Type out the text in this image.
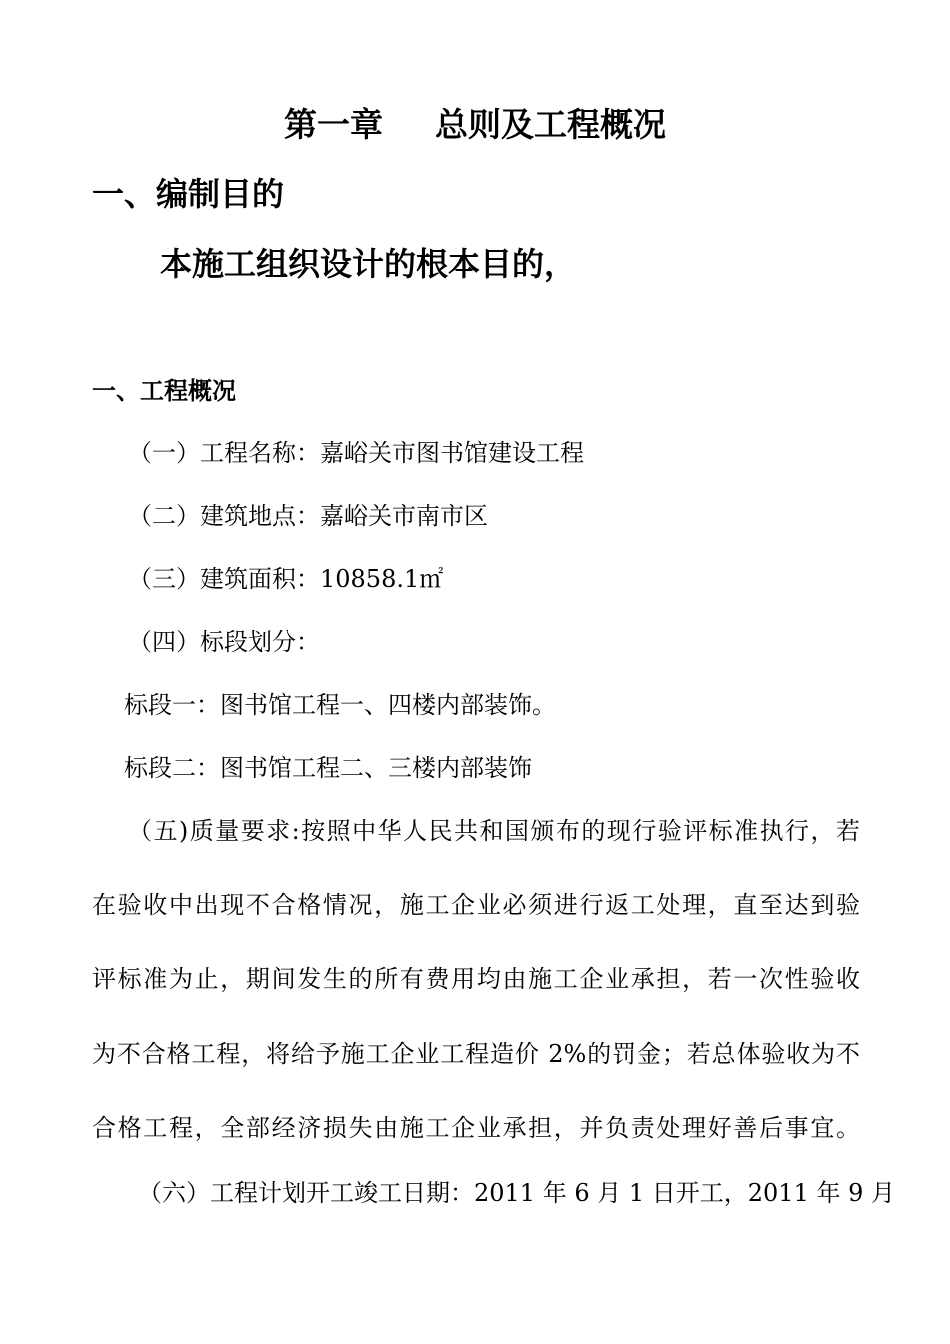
第一章 总则及工程概况
一、编制目的
本施工组织设计的根本目的，
一、工程概况
（一）工程名称：嘉峪关市图书馆建设工程
（二）建筑地点：嘉峪关市南市区
（三）建筑面积：10858.1㎡
（四）标段划分：
标段一：图书馆工程一、四楼内部装饰。
标段二：图书馆工程二、三楼内部装饰
（五)质量要求:按照中华人民共和国颁布的现行验评标准执行，若
在验收中出现不合格情况，施工企业必须进行返工处理，直至达到验
评标准为止，期间发生的所有费用均由施工企业承担，若一次性验收
为不合格工程，将给予施工企业工程造价 2%的罚金；若总体验收为不
合格工程，全部经济损失由施工企业承担，并负责处理好善后事宜。
（六）工程计划开工竣工日期：2011 年 6 月 1 日开工，2011 年 9 月
